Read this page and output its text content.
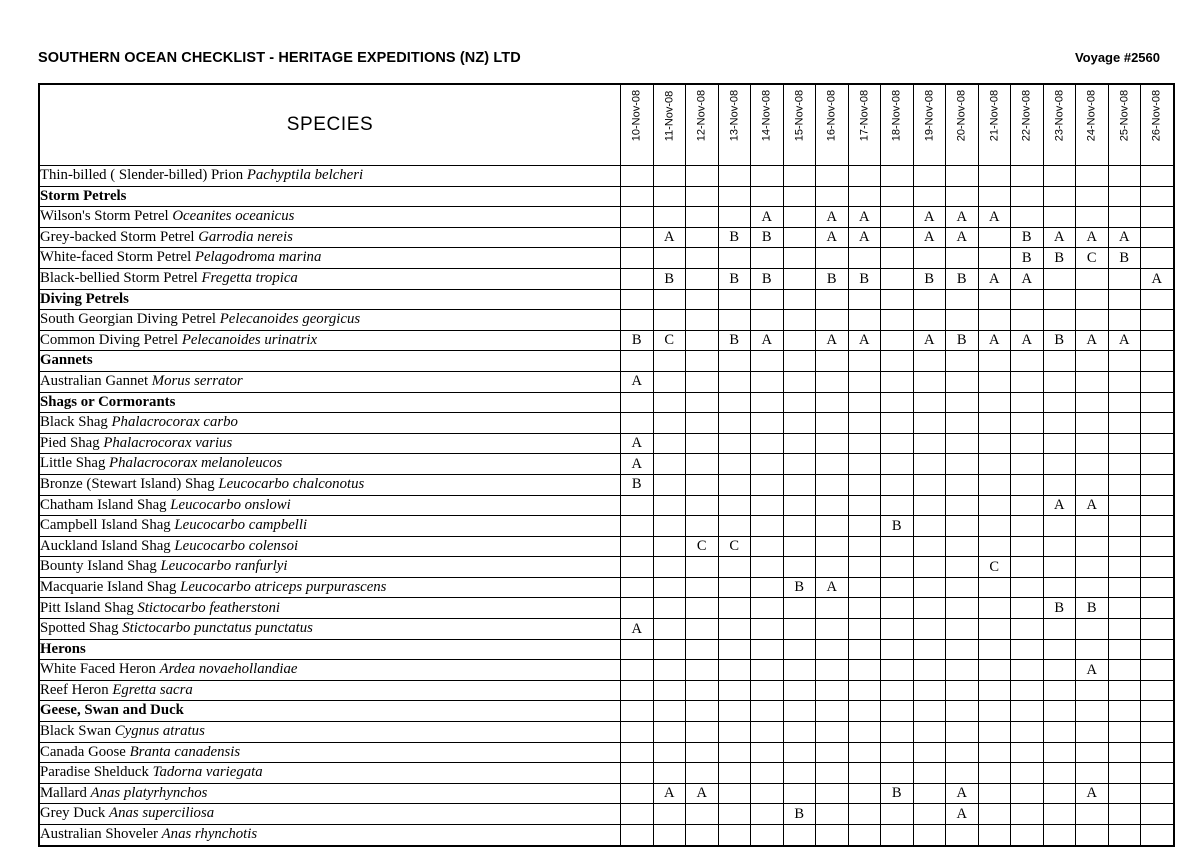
SOUTHERN OCEAN CHECKLIST - HERITAGE EXPEDITIONS (NZ) LTD	Voyage #2560
SPECIES	10-Nov-08	11-Nov-08	12-Nov-08	13-Nov-08	14-Nov-08	15-Nov-08	16-Nov-08	17-Nov-08	18-Nov-08	19-Nov-08	20-Nov-08	21-Nov-08	22-Nov-08	23-Nov-08	24-Nov-08	25-Nov-08	26-Nov-08

Thin-billed ( Slender-billed) Prion Pachyptila belcheri																	
Storm Petrels																	
Wilson's Storm Petrel Oceanites oceanicus					A		A	A		A	A	A					
Grey-backed Storm Petrel Garrodia nereis		A		B	B		A	A		A	A		B	A	A	A	
White-faced Storm Petrel Pelagodroma marina													B	B	C	B	
Black-bellied Storm Petrel Fregetta tropica		B		B	B		B	B		B	B	A	A				A
Diving Petrels																	
South Georgian Diving Petrel Pelecanoides georgicus																	
Common Diving Petrel Pelecanoides urinatrix	B	C		B	A		A	A		A	B	A	A	B	A	A	
Gannets																	
Australian Gannet Morus serrator	A																
Shags or Cormorants																	
Black Shag Phalacrocorax carbo																	
Pied Shag Phalacrocorax varius	A																
Little Shag Phalacrocorax melanoleucos	A																
Bronze (Stewart Island) Shag Leucocarbo chalconotus	B																
Chatham Island Shag Leucocarbo onslowi														A	A		
Campbell Island Shag Leucocarbo campbelli									B								
Auckland Island Shag Leucocarbo colensoi			C	C													
Bounty Island Shag Leucocarbo ranfurlyi												C					
Macquarie Island Shag Leucocarbo atriceps purpurascens						B	A										
Pitt Island Shag Stictocarbo featherstoni														B	B		
Spotted Shag Stictocarbo punctatus punctatus	A																
Herons																	
White Faced Heron Ardea novaehollandiae															A		
Reef Heron Egretta sacra																	
Geese, Swan and Duck																	
Black Swan Cygnus atratus																	
Canada Goose Branta canadensis																	
Paradise Shelduck Tadorna variegata																	
Mallard Anas platyrhynchos		A	A						B		A				A		
Grey Duck Anas superciliosa						B					A						
Australian Shoveler Anas rhynchotis																	
